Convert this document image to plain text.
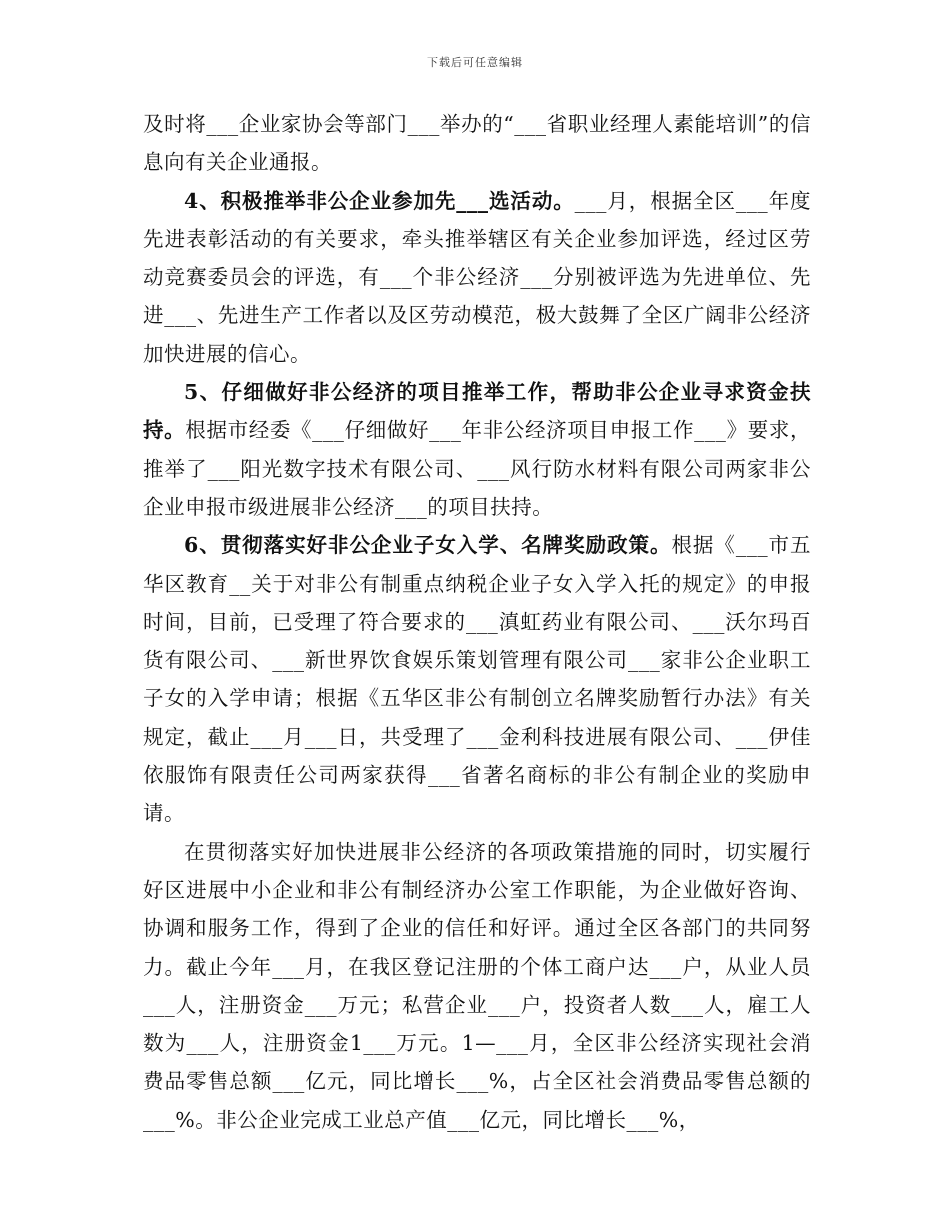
下载后可任意编辑

及时将___企业家协会等部门___举办的“___省职业经理人素能培训”的信息向有关企业通报。

4、积极推举非公企业参加先___选活动。___月，根据全区___年度先进表彰活动的有关要求，牵头推举辖区有关企业参加评选，经过区劳动竞赛委员会的评选，有___个非公经济___分别被评选为先进单位、先进___、先进生产工作者以及区劳动模范，极大鼓舞了全区广阔非公经济加快进展的信心。

5、仔细做好非公经济的项目推举工作，帮助非公企业寻求资金扶持。根据市经委《___仔细做好___年非公经济项目申报工作___》要求，推举了___阳光数字技术有限公司、___风行防水材料有限公司两家非公企业申报市级进展非公经济___的项目扶持。

6、贯彻落实好非公企业子女入学、名牌奖励政策。根据《___市五华区教育__关于对非公有制重点纳税企业子女入学入托的规定》的申报时间，目前，已受理了符合要求的___滇虹药业有限公司、___沃尔玛百货有限公司、___新世界饮食娱乐策划管理有限公司___家非公企业职工子女的入学申请；根据《五华区非公有制创立名牌奖励暂行办法》有关规定，截止___月___日，共受理了___金利科技进展有限公司、___伊佳依服饰有限责任公司两家获得___省著名商标的非公有制企业的奖励申请。

在贯彻落实好加快进展非公经济的各项政策措施的同时，切实履行好区进展中小企业和非公有制经济办公室工作职能，为企业做好咨询、协调和服务工作，得到了企业的信任和好评。通过全区各部门的共同努力。截止今年___月，在我区登记注册的个体工商户达___户，从业人员___人，注册资金___万元；私营企业___户，投资者人数___人，雇工人数为___人，注册资金1___万元。1—___月，全区非公经济实现社会消费品零售总额___亿元，同比增长___%，占全区社会消费品零售总额的___%。非公企业完成工业总产值___亿元，同比增长___%，
